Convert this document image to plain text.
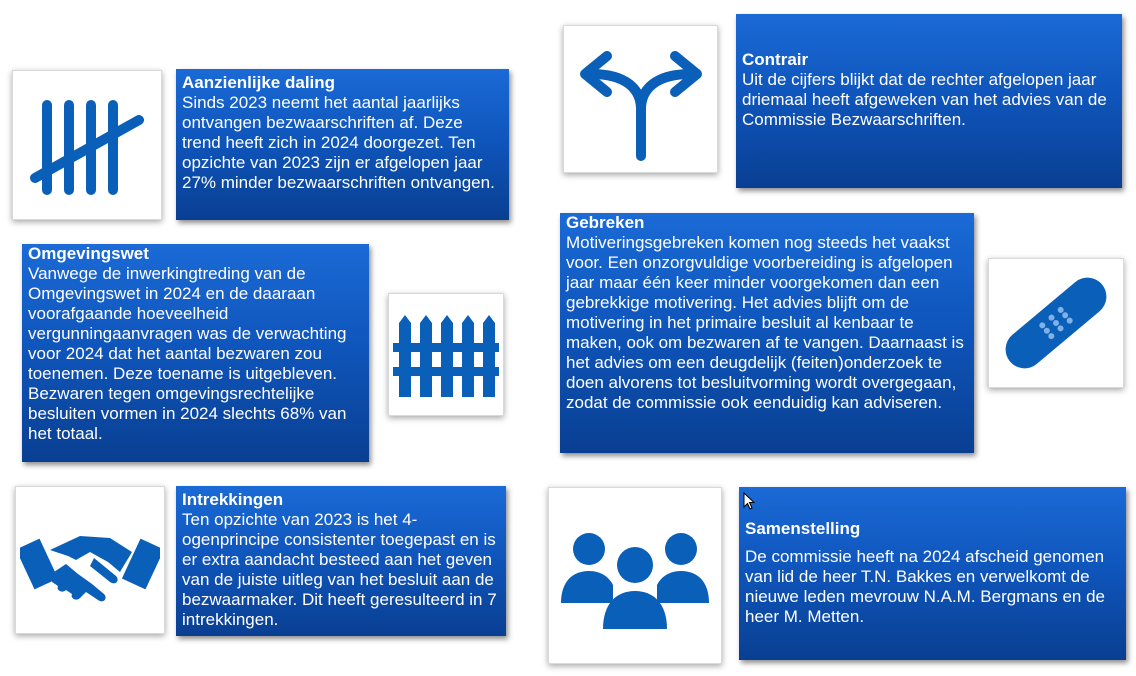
Aanzienlijke daling
Sinds 2023 neemt het aantal jaarlijks ontvangen bezwaarschriften af. Deze trend heeft zich in 2024 doorgezet. Ten opzichte van 2023 zijn er afgelopen jaar 27% minder bezwaarschriften ontvangen.
Contrair
Uit de cijfers blijkt dat de rechter afgelopen jaar driemaal heeft afgeweken van het advies van de Commissie Bezwaarschriften.
Omgevingswet
Vanwege de inwerkingtreding van de Omgevingswet in 2024 en de daaraan voorafgaande hoeveelheid vergunningaanvragen was de verwachting voor 2024 dat het aantal bezwaren zou toenemen. Deze toename is uitgebleven. Bezwaren tegen omgevingsrechtelijke besluiten vormen in 2024 slechts 68% van het totaal.
Gebreken
Motiveringsgebreken komen nog steeds het vaakst voor. Een onzorgvuldige voorbereiding is afgelopen jaar maar één keer minder voorgekomen dan een gebrekkige motivering. Het advies blijft om de motivering in het primaire besluit al kenbaar te maken, ook om bezwaren af te vangen. Daarnaast is het advies om een deugdelijk (feiten)onderzoek te doen alvorens tot besluitvorming wordt overgegaan, zodat de commissie ook eenduidig kan adviseren.
Intrekkingen
Ten opzichte van 2023 is het 4-ogenprincipe consistenter toegepast en is er extra aandacht besteed aan het geven van de juiste uitleg van het besluit aan de bezwaarmaker. Dit heeft geresulteerd in 7 intrekkingen.
Samenstelling
De commissie heeft na 2024 afscheid genomen van lid de heer T.N. Bakkes en verwelkomt de nieuwe leden mevrouw N.A.M. Bergmans en de heer M. Metten.
